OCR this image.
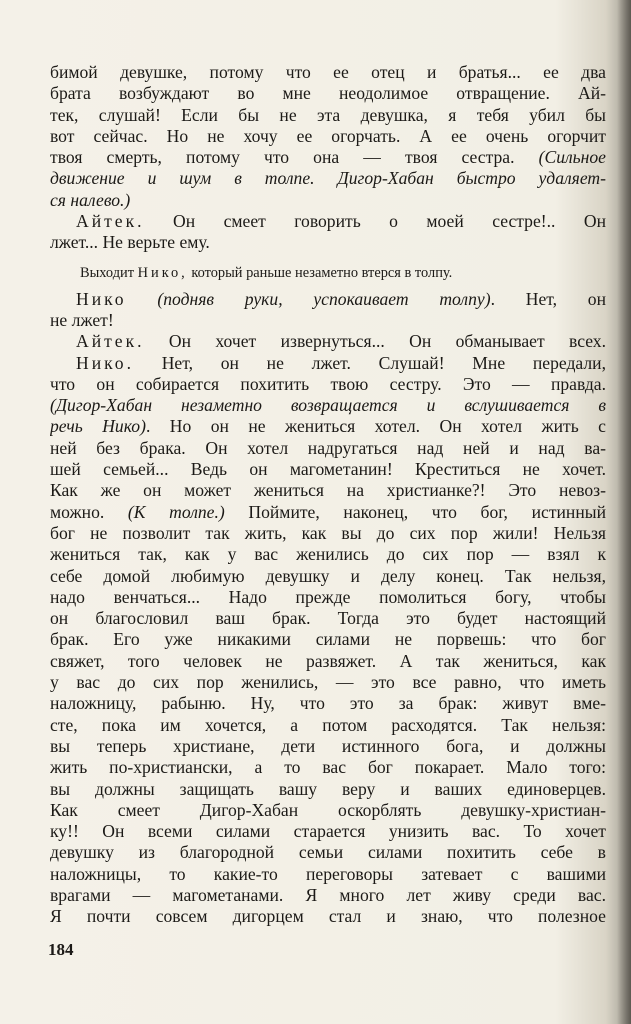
бимой девушке, потому что ее отец и братья... ее два
брата возбуждают во мне неодолимое отвращение. Ай-
тек, слушай! Если бы не эта девушка, я тебя убил бы
вот сейчас. Но не хочу ее огорчать. А ее очень огорчит
твоя смерть, потому что она — твоя сестра. (Сильное
движение и шум в толпе. Дигор-Хабан быстро удаляет-
ся налево.)
Айтек. Он смеет говорить о моей сестре!.. Он
лжет... Не верьте ему.
Выходит Нико, который раньше незаметно втерся в толпу.
Нико (подняв руки, успокаивает толпу). Нет, он
не лжет!
Айтек. Он хочет извернуться... Он обманывает всех.
Нико. Нет, он не лжет. Слушай! Мне передали,
что он собирается похитить твою сестру. Это — правда.
(Дигор-Хабан незаметно возвращается и вслушивается в
речь Нико). Но он не жениться хотел. Он хотел жить с
ней без брака. Он хотел надругаться над ней и над ва-
шей семьей... Ведь он магометанин! Креститься не хочет.
Как же он может жениться на христианке?! Это невоз-
можно. (К толпе.) Поймите, наконец, что бог, истинный
бог не позволит так жить, как вы до сих пор жили! Нельзя
жениться так, как у вас женились до сих пор — взял к
себе домой любимую девушку и делу конец. Так нельзя,
надо венчаться... Надо прежде помолиться богу, чтобы
он благословил ваш брак. Тогда это будет настоящий
брак. Его уже никакими силами не порвешь: что бог
свяжет, того человек не развяжет. А так жениться, как
у вас до сих пор женились, — это все равно, что иметь
наложницу, рабыню. Ну, что это за брак: живут вме-
сте, пока им хочется, а потом расходятся. Так нельзя:
вы теперь христиане, дети истинного бога, и должны
жить по-христиански, а то вас бог покарает. Мало того:
вы должны защищать вашу веру и ваших единоверцев.
Как смеет Дигор-Хабан оскорблять девушку-христиан-
ку!! Он всеми силами старается унизить вас. То хочет
девушку из благородной семьи силами похитить себе в
наложницы, то какие-то переговоры затевает с вашими
врагами — магометанами. Я много лет живу среди вас.
Я почти совсем дигорцем стал и знаю, что полезное
184
